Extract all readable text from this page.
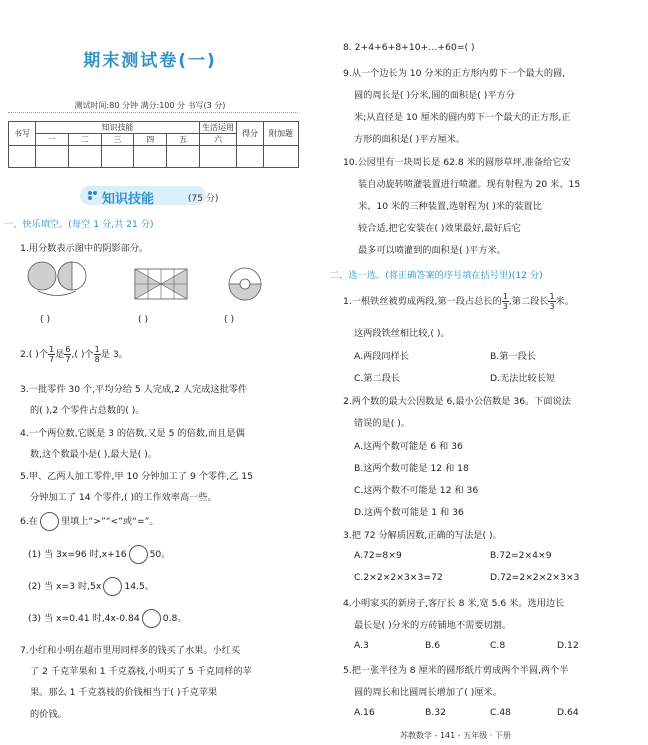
期末测试卷(一)
测试时间:80 分钟 满分:100 分 书写(3 分)
书写	知识技能					生活运用	得分	附加题
	一	二	三	四	五	六		

知识技能	(75 分)
一、快乐填空。(每空 1 分,共 21 分)
1.用分数表示图中的阴影部分。
( )	( )	( )
2.( )个 $\frac{1}{7}$ 是 $\frac{6}{7}$ ,( )个 $\frac{1}{8}$ 是 3。
3.一批零件 30 个,平均分给 5 人完成,2 人完成这批零件
的( ),2 个零件占总数的( )。
4.一个两位数,它既是 3 的倍数,又是 5 的倍数,而且是偶
数,这个数最小是( ),最大是( )。
5.甲、乙两人加工零件,甲 10 分钟加工了 9 个零件,乙 15
分钟加工了 14 个零件,( )的工作效率高一些。
6.在	里填上“>”“<”或“=”。
(1) 当 3x=96 时,x+16	50。
(2) 当 x=3 时,5x	14.5。
(3) 当 x=0.41 时,4x-0.84	0.8。
7.小红和小明在超市里用同样多的钱买了水果。小红买
了 2 千克苹果和 1 千克荔枝,小明买了 5 千克同样的苹
果。那么 1 千克荔枝的价钱相当于( )千克苹果
的价钱。
8. 2+4+6+8+10+…+60=( )
9.从一个边长为 10 分米的正方形内剪下一个最大的圆,
圆的周长是( )分米,圆的面积是( )平方分
米;从直径是 10 厘米的圆内剪下一个最大的正方形,正
方形的面积是( )平方厘米。
10.公园里有一块周长是 62.8 米的圆形草坪,准备给它安
装自动旋转喷灌装置进行喷灌。现有射程为 20 米、15
米、10 米的三种装置,选射程为( )米的装置比
较合适,把它安装在( )效果最好,最好后它
最多可以喷灌到的面积是( )平方米。
二、选一选。(将正确答案的序号填在括号里)(12 分)
1.一根铁丝被剪成两段,第一段占总长的 $\frac{1}{3}$ ,第二段长 $\frac{1}{3}$ 米。
这两段铁丝相比较,( )。
A.两段同样长	B.第一段长
C.第二段长	D.无法比较长短
2.两个数的最大公因数是 6,最小公倍数是 36。下面说法
错误的是( )。
A.这两个数可能是 6 和 36
B.这两个数可能是 12 和 18
C.这两个数不可能是 12 和 36
D.这两个数可能是 1 和 36
3.把 72 分解质因数,正确的写法是( )。
A.72=8×9	B.72=2×4×9
C.2×2×2×3×3=72	D.72=2×2×2×3×3
4.小明家买的新房子,客厅长 8 米,宽 5.6 米。选用边长
最长是( )分米的方砖铺地不需要切割。
A.3	B.6	C.8	D.12
5.把一张半径为 8 厘米的圆形纸片剪成两个半圆,两个半
圆的周长和比圆周长增加了( )厘米。
A.16	B.32	C.48	D.64
苏教数学 - 141 - 五年级 · 下册
